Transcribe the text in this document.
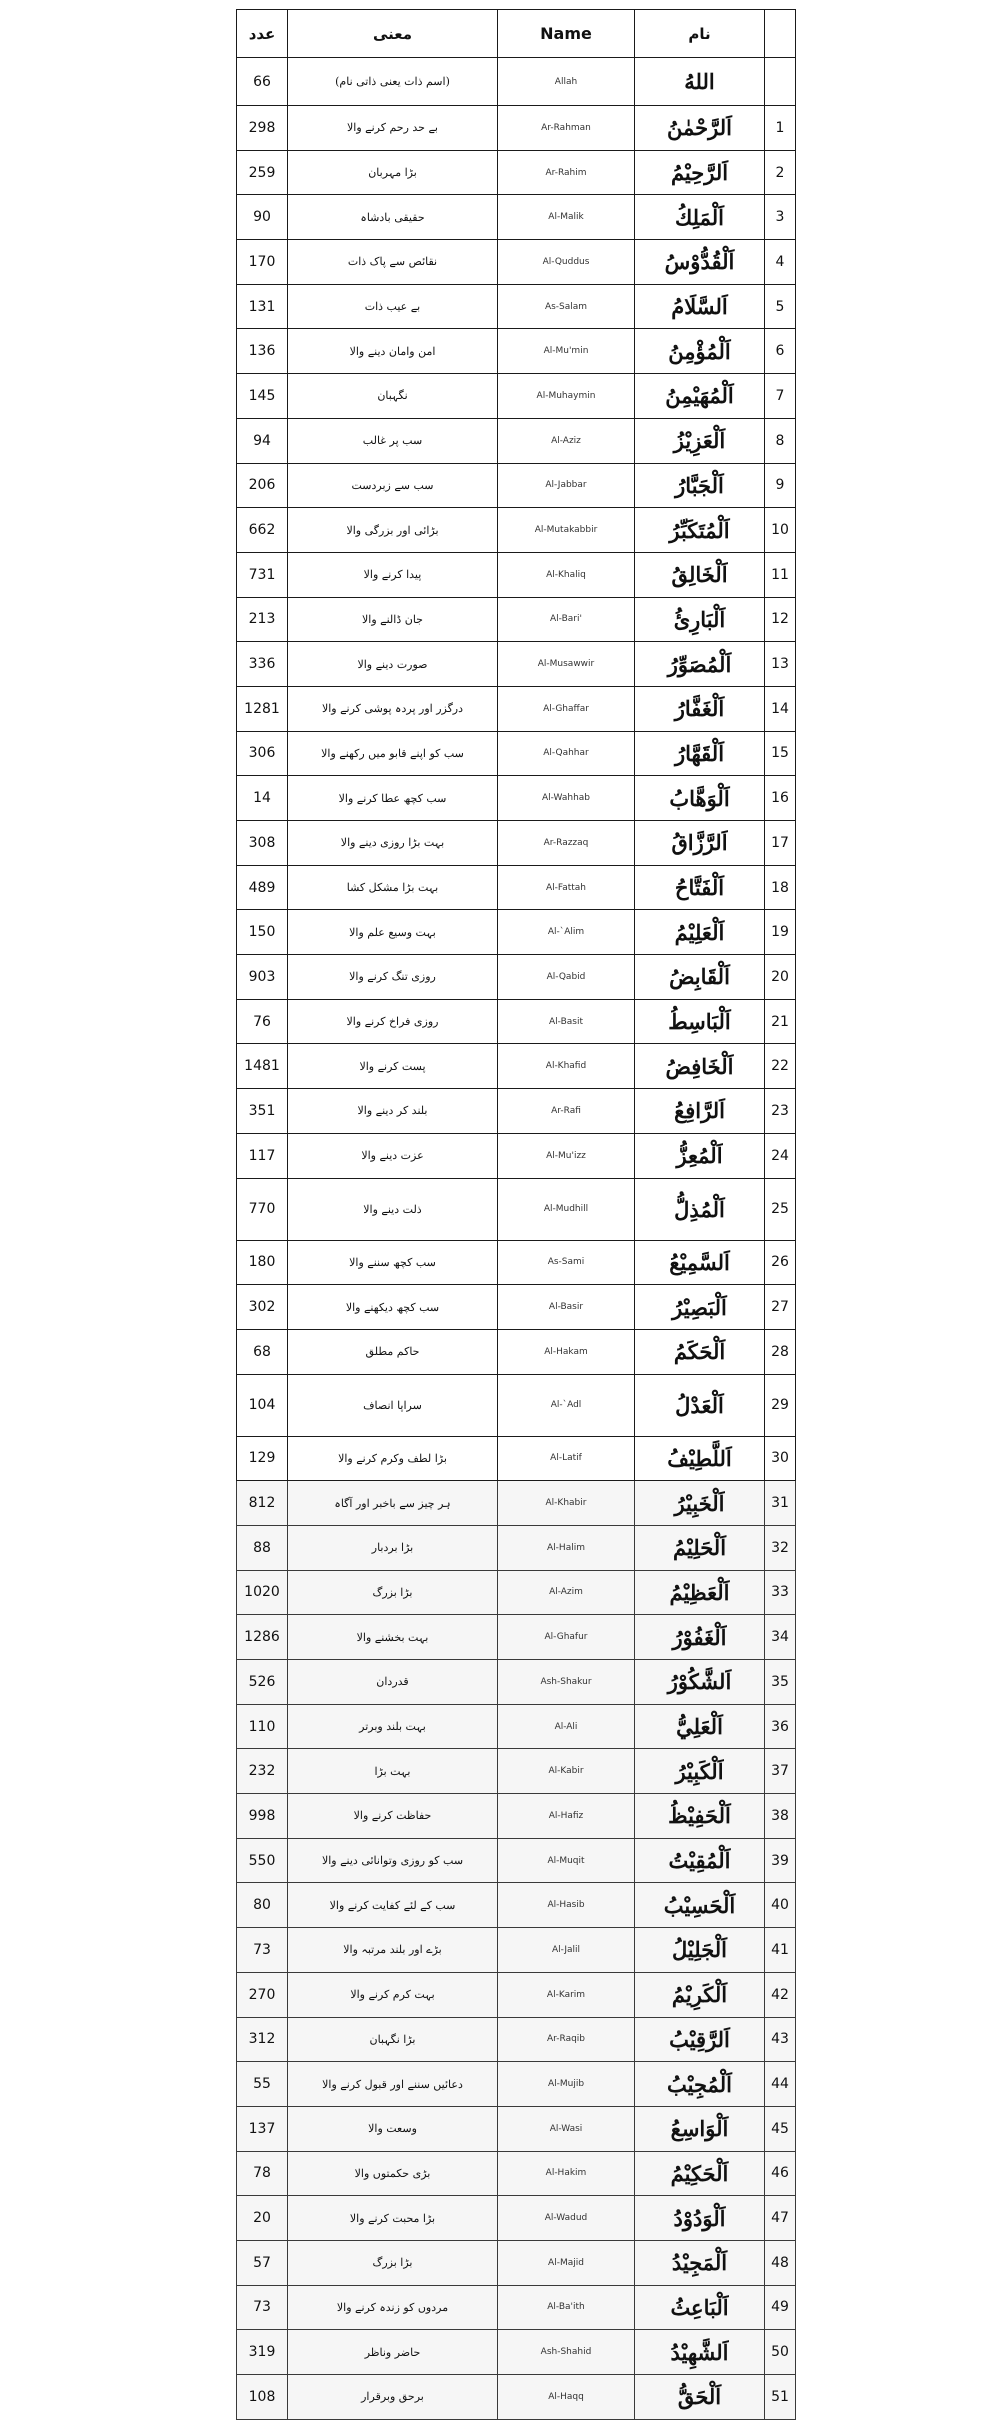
عدد	معنی	Name	نام	
66	(اسم ذات یعنی ذاتی نام)	Allah	اللهُ	
298	بے حد رحم کرنے والا	Ar-Rahman	اَلرَّحْمٰنُ	1
259	بڑا مہربان	Ar-Rahim	اَلرَّحِيْمُ	2
90	حقیقی بادشاہ	Al-Malik	اَلْمَلِكُ	3
170	نقائص سے پاک ذات	Al-Quddus	اَلْقُدُّوْسُ	4
131	بے عیب ذات	As-Salam	اَلسَّلَامُ	5
136	امن وامان دینے والا	Al-Mu'min	اَلْمُؤْمِنُ	6
145	نگہبان	Al-Muhaymin	اَلْمُهَيْمِنُ	7
94	سب پر غالب	Al-Aziz	اَلْعَزِيْزُ	8
206	سب سے زبردست	Al-Jabbar	اَلْجَبَّارُ	9
662	بڑائی اور بزرگی والا	Al-Mutakabbir	اَلْمُتَكَبِّرُ	10
731	پیدا کرنے والا	Al-Khaliq	اَلْخَالِقُ	11
213	جان ڈالنے والا	Al-Bari'	اَلْبَارِئُ	12
336	صورت دینے والا	Al-Musawwir	اَلْمُصَوِّرُ	13
1281	درگزر اور پردہ پوشی کرنے والا	Al-Ghaffar	اَلْغَفَّارُ	14
306	سب کو اپنے قابو میں رکھنے والا	Al-Qahhar	اَلْقَهَّارُ	15
14	سب کچھ عطا کرنے والا	Al-Wahhab	اَلْوَهَّابُ	16
308	بہت بڑا روزی دینے والا	Ar-Razzaq	اَلرَّزَّاقُ	17
489	بہت بڑا مشکل کشا	Al-Fattah	اَلْفَتَّاحُ	18
150	بہت وسیع علم والا	Al-`Alim	اَلْعَلِيْمُ	19
903	روزی تنگ کرنے والا	Al-Qabid	اَلْقَابِضُ	20
76	روزی فراخ کرنے والا	Al-Basit	اَلْبَاسِطُ	21
1481	پست کرنے والا	Al-Khafid	اَلْخَافِضُ	22
351	بلند کر دینے والا	Ar-Rafi	اَلرَّافِعُ	23
117	عزت دینے والا	Al-Mu'izz	اَلْمُعِزُّ	24
770	ذلت دینے والا	Al-Mudhill	اَلْمُذِلُّ	25
180	سب کچھ سننے والا	As-Sami	اَلسَّمِيْعُ	26
302	سب کچھ دیکھنے والا	Al-Basir	اَلْبَصِيْرُ	27
68	حاکم مطلق	Al-Hakam	اَلْحَكَمُ	28
104	سراپا انصاف	Al-`Adl	اَلْعَدْلُ	29
129	بڑا لطف وکرم کرنے والا	Al-Latif	اَللَّطِيْفُ	30
812	ہر چیز سے باخبر اور آگاہ	Al-Khabir	اَلْخَبِيْرُ	31
88	بڑا بردبار	Al-Halim	اَلْحَلِيْمُ	32
1020	بڑا بزرگ	Al-Azim	اَلْعَظِيْمُ	33
1286	بہت بخشنے والا	Al-Ghafur	اَلْغَفُوْرُ	34
526	قدردان	Ash-Shakur	اَلشَّكُوْرُ	35
110	بہت بلند وبرتر	Al-Ali	اَلْعَلِيُّ	36
232	بہت بڑا	Al-Kabir	اَلْكَبِيْرُ	37
998	حفاظت کرنے والا	Al-Hafiz	اَلْحَفِيْظُ	38
550	سب کو روزی وتوانائی دینے والا	Al-Muqit	اَلْمُقِيْتُ	39
80	سب کے لئے کفایت کرنے والا	Al-Hasib	اَلْحَسِيْبُ	40
73	بڑے اور بلند مرتبہ والا	Al-Jalil	اَلْجَلِيْلُ	41
270	بہت کرم کرنے والا	Al-Karim	اَلْكَرِيْمُ	42
312	بڑا نگہبان	Ar-Raqib	اَلرَّقِيْبُ	43
55	دعائیں سننے اور قبول کرنے والا	Al-Mujib	اَلْمُجِيْبُ	44
137	وسعت والا	Al-Wasi	اَلْوَاسِعُ	45
78	بڑی حکمتوں والا	Al-Hakim	اَلْحَكِيْمُ	46
20	بڑا محبت کرنے والا	Al-Wadud	اَلْوَدُوْدُ	47
57	بڑا بزرگ	Al-Majid	اَلْمَجِيْدُ	48
73	مردوں کو زندہ کرنے والا	Al-Ba'ith	اَلْبَاعِثُ	49
319	حاضر وناظر	Ash-Shahid	اَلشَّهِيْدُ	50
108	برحق وبرقرار	Al-Haqq	اَلْحَقُّ	51
